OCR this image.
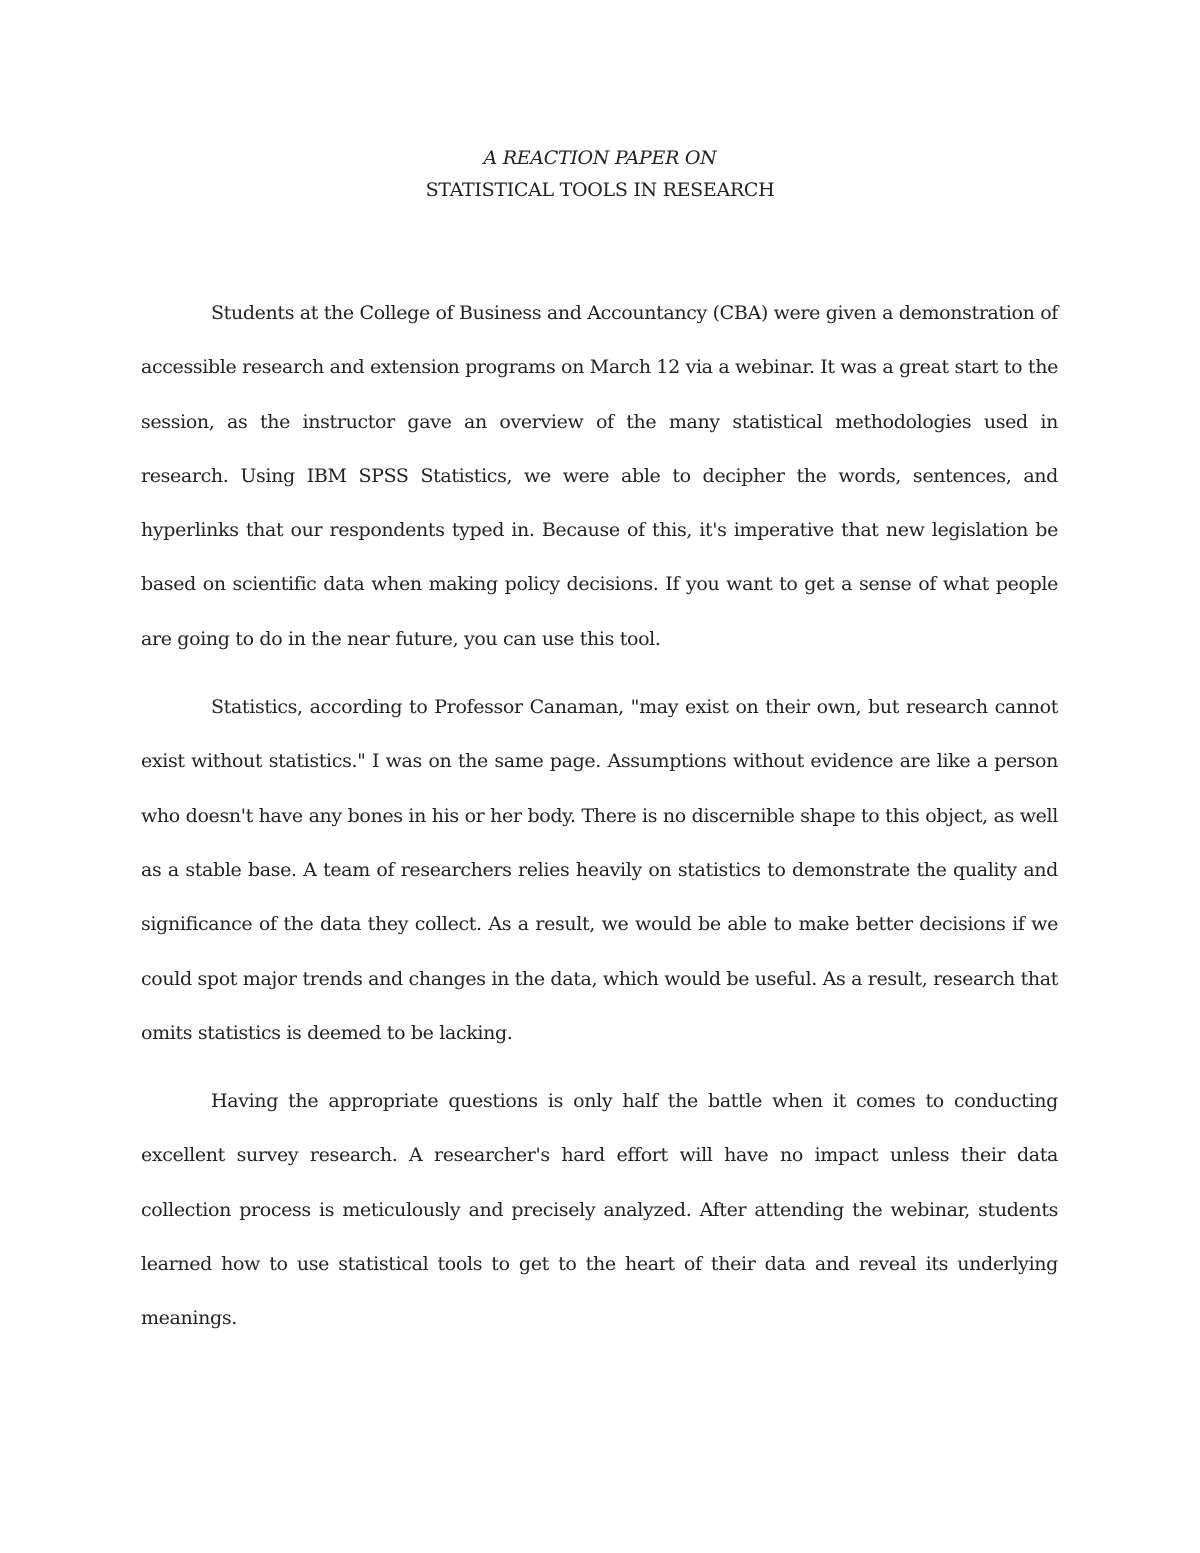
A REACTION PAPER ON
STATISTICAL TOOLS IN RESEARCH

Students at the College of Business and Accountancy (CBA) were given a demonstration of accessible research and extension programs on March 12 via a webinar. It was a great start to the session, as the instructor gave an overview of the many statistical methodologies used in research. Using IBM SPSS Statistics, we were able to decipher the words, sentences, and hyperlinks that our respondents typed in. Because of this, it's imperative that new legislation be based on scientific data when making policy decisions. If you want to get a sense of what people are going to do in the near future, you can use this tool.

Statistics, according to Professor Canaman, "may exist on their own, but research cannot exist without statistics." I was on the same page. Assumptions without evidence are like a person who doesn't have any bones in his or her body. There is no discernible shape to this object, as well as a stable base. A team of researchers relies heavily on statistics to demonstrate the quality and significance of the data they collect. As a result, we would be able to make better decisions if we could spot major trends and changes in the data, which would be useful. As a result, research that omits statistics is deemed to be lacking.

Having the appropriate questions is only half the battle when it comes to conducting excellent survey research. A researcher's hard effort will have no impact unless their data collection process is meticulously and precisely analyzed. After attending the webinar, students learned how to use statistical tools to get to the heart of their data and reveal its underlying meanings.
